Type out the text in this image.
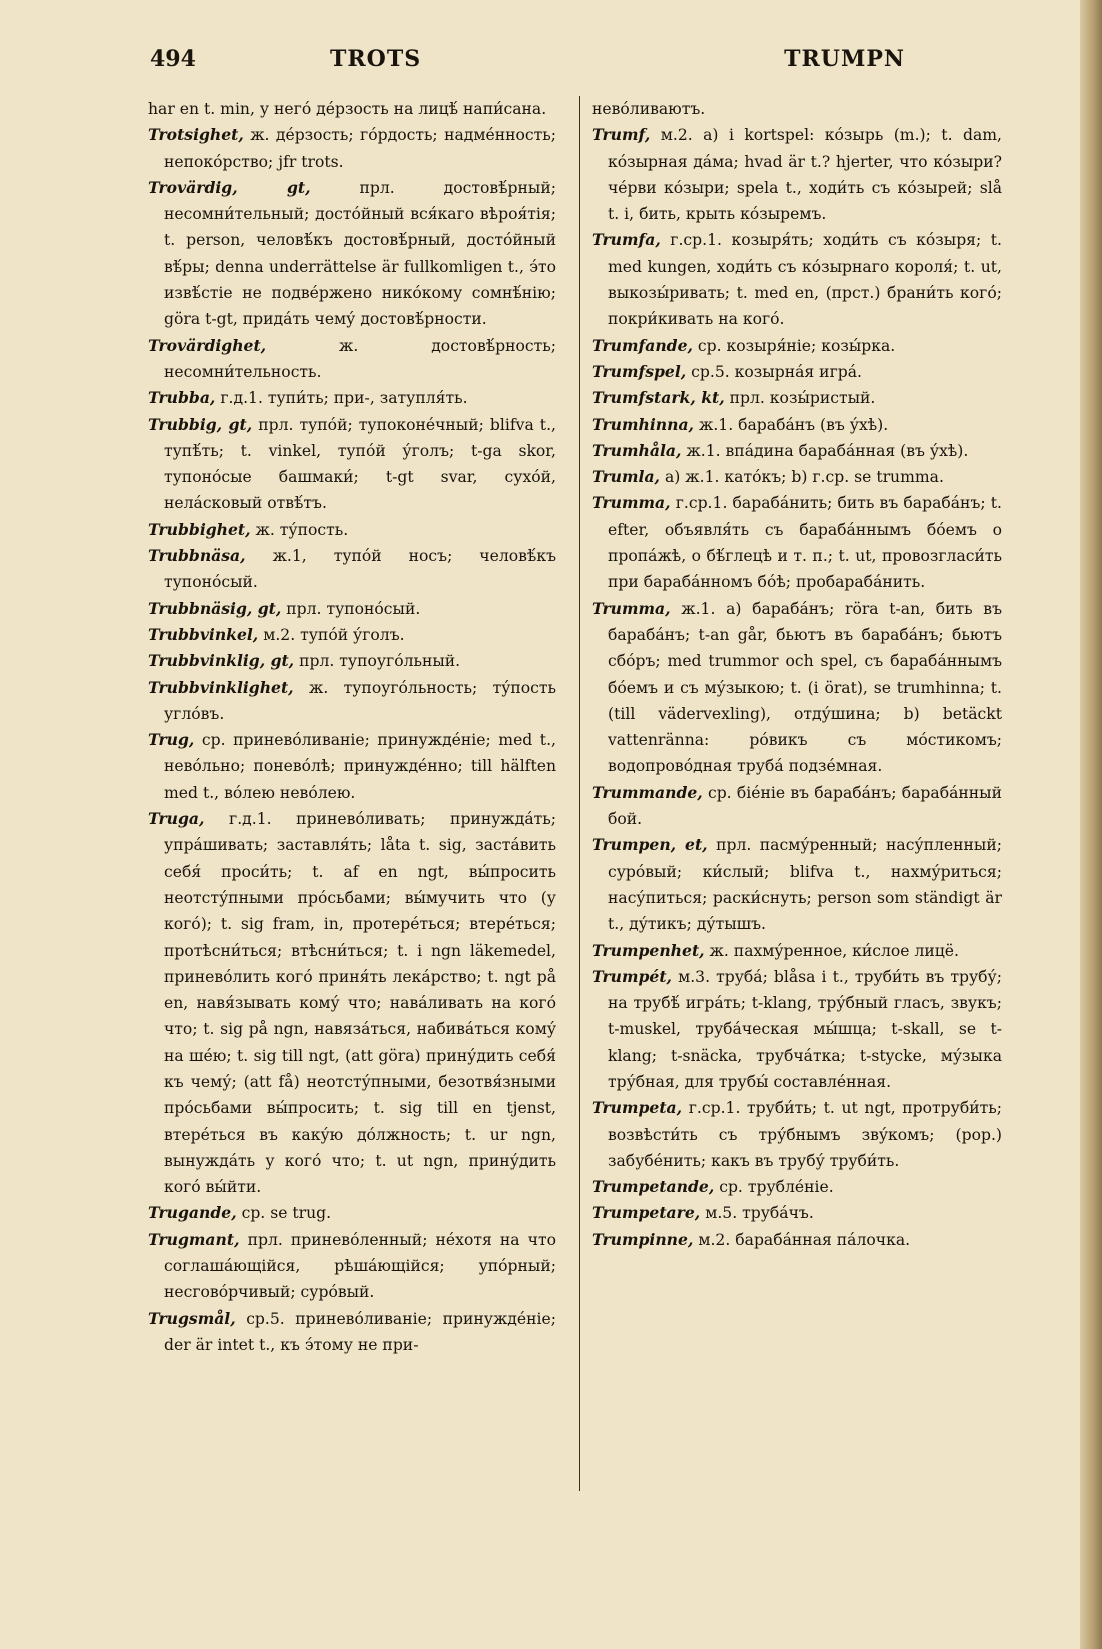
494	TROTS	TRUMPN

har en t. min, у него́ де́рзость на лицѣ́ напи́сана.

Trotsighet, ж. де́рзость; го́рдость; надме́нность; непоко́рство; jfr trots.

Trovärdig, gt,	прл. достовѣ́рный; несомни́тельный; досто́йный вся́каго вѣроя́тія; t. person, человѣ́къ достовѣ́рный, досто́йный вѣ́ры; denna underrättelse är fullkomligen t., э́то извѣ́стіе не подве́ржено нико́кому сомнѣ́нію; göra t-gt, прида́ть чему́ достовѣ́рности.

Trovärdighet,	ж. достовѣ́рность; несомни́тельность.

Trubba, г.д.1. тупи́ть; при-, затупля́ть.

Trubbig, gt, прл. тупо́й; тупоконе́чный; blifva t., тупѣ́ть; t. vinkel, тупо́й у́голъ; t-ga skor, тупоно́сые башмаки́; t-gt svar, сухо́й, нела́сковый отвѣ́тъ.

Trubbighet, ж. ту́пость.

Trubbnäsa, ж.1, тупо́й носъ; человѣ́къ тупоно́сый.

Trubbnäsig, gt, прл. тупоно́сый.

Trubbvinkel, м.2. тупо́й у́голъ.

Trubbvinklig, gt, прл. тупоуго́льный.

Trubbvinklighet, ж. тупоуго́льность; ту́пость угло́въ.

Trug, ср. принево́ливаніе; принужде́ніе; med t., нево́льно; понево́лѣ; принужде́нно; till hälften med t., во́лею нево́лею.

Truga, г.д.1. принево́ливать; принужда́ть; упра́шивать; заставля́ть; låta t. sig, заста́вить себя́ проси́ть; t. af en ngt, вы́просить неотсту́пными про́сьбами; вы́мучить что (у кого́); t. sig fram, in, протере́ться; втере́ться; протѣсни́ться; втѣсни́ться; t. i ngn läkemedel, принево́лить кого́ приня́ть лека́рство; t. ngt på en, навя́зывать кому́ что; нава́ливать на кого́ что; t. sig på ngn, навяза́ться, набива́ться кому́ на ше́ю; t. sig till ngt, (att göra) прину́дить себя́ къ чему́; (att få) неотсту́пными, безотвя́зными про́сьбами вы́просить; t. sig till en tjenst, втере́ться въ каку́ю до́лжность; t. ur ngn, вынужда́ть у кого́ что; t. ut ngn, прину́дить кого́ вы́йти.

Trugande, ср. se trug.

Trugmant, прл. принево́ленный; не́хотя на что соглаша́ющійся, рѣша́ющійся; упо́рный; несгово́рчивый; суро́вый.

Trugsmål, ср.5. принево́ливаніе; принужде́ніе; der är intet t., къ э́тому не при-

нево́ливаютъ.

Trumf, м.2. a) i kortspel: ко́зырь (m.); t. dam, ко́зырная да́ма; hvad är t.? hjerter, что ко́зыри? че́рви ко́зыри; spela t., ходи́ть съ ко́зырей; slå t. i, бить, крыть ко́зыремъ.

Trumfa, г.ср.1. козыря́ть; ходи́ть съ ко́зыря; t. med kungen, ходи́ть съ ко́зырнаго короля́; t. ut, выкозы́ривать; t. med en, (прст.) брани́ть кого́; покри́кивать на кого́.

Trumfande, ср. козыря́ніе; козы́рка.

Trumfspel, ср.5. козырна́я игра́.

Trumfstark, kt, прл. козы́ристый.

Trumhinna, ж.1. бараба́нъ (въ у́хѣ).

Trumhåla, ж.1. впа́дина бараба́нная (въ у́хѣ).

Trumla, a) ж.1. като́къ; b) г.ср. se trumma.

Trumma, г.ср.1. бараба́нить; бить въ бараба́нъ; t. efter, объявля́ть съ бараба́ннымъ бо́емъ о пропа́жѣ, о бѣ́глецѣ и т. п.; t. ut, провозгласи́ть при бараба́нномъ бо́ѣ; пробараба́нить.

Trumma, ж.1. a) бараба́нъ; röra t-an, бить въ бараба́нъ; t-an går, бьютъ въ бараба́нъ; бьютъ сбо́ръ; med trummor och spel, съ бараба́ннымъ бо́емъ и съ му́зыкою; t. (i örat), se trumhinna; t. (till vädervexling), отду́шина; b) betäckt vattenränna: ро́викъ съ мо́стикомъ; водопрово́дная труба́ подзе́мная.

Trummande, ср. біе́ніе въ бараба́нъ; бараба́нный бой.

Trumpen, et, прл. пасму́ренный; насу́пленный; суро́вый; ки́слый; blifva t., нахму́риться; насу́питься; раски́снуть; person som ständigt är t., ду́тикъ; ду́тышъ.

Trumpenhet, ж. пахму́ренное, ки́слое лицё.

Trumpét, м.3. труба́; blåsa i t., труби́ть въ трубу́; на трубѣ́ игра́ть; t-klang, тру́бный гласъ, звукъ; t-muskel, труба́ческая мы́шца; t-skall, se t-klang; t-snäcka, трубча́тка; t-stycke, му́зыка тру́бная, для трубы́ составле́нная.

Trumpeta, г.ср.1. труби́ть; t. ut ngt, протруби́ть; возвѣсти́ть съ тру́бнымъ зву́комъ; (рор.) забубе́нить; какъ въ трубу́ труби́ть.

Trumpetande, ср. трубле́ніе.

Trumpetare, м.5. труба́чъ.

Trumpinne, м.2. бараба́нная па́лочка.
